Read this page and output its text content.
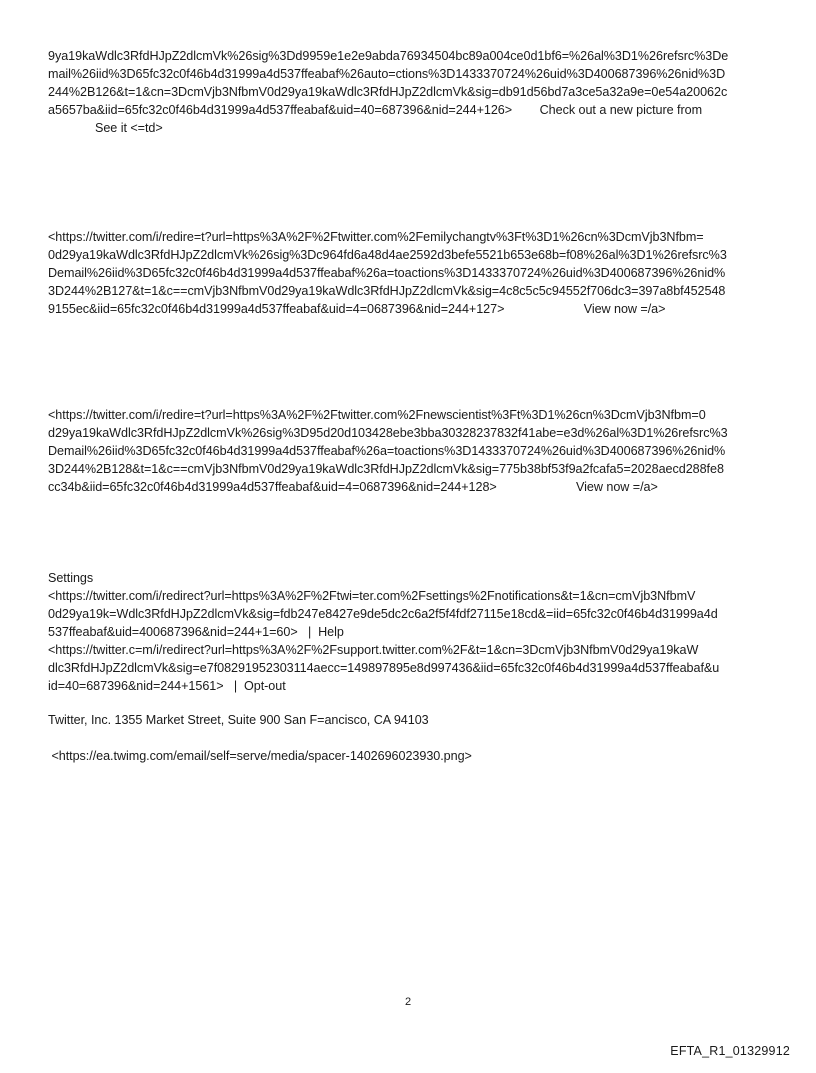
9ya19kaWdlc3RfdHJpZ2dlcmVk%26sig%3Dd9959e1e2e9abda76934504bc89a004ce0d1bf6=%26al%3D1%26refsrc%3De
mail%26iid%3D65fc32c0f46b4d31999a4d537ffeabaf%26auto=ctions%3D1433370724%26uid%3D400687396%26nid%3D
244%2B126&t=1&cn=3DcmVjb3NfbmV0d29ya19kaWdlc3RfdHJpZ2dlcmVk&sig=db91d56bd7a3ce5a32a9e=0e54a20062c
a5657ba&iid=65fc32c0f46b4d31999a4d537ffeabaf&uid=40=687396&nid=244+126>        Check out a new picture from
See it <=td>
<https://twitter.com/i/redire=t?url=https%3A%2F%2Ftwitter.com%2Femilychangtv%3Ft%3D1%26cn%3DcmVjb3Nfbm=
0d29ya19kaWdlc3RfdHJpZ2dlcmVk%26sig%3Dc964fd6a48d4ae2592d3befe5521b653e68b=f08%26al%3D1%26refsrc%3
Demail%26iid%3D65fc32c0f46b4d31999a4d537ffeabaf%26a=toactions%3D1433370724%26uid%3D400687396%26nid%
3D244%2B127&t=1&c==cmVjb3NfbmV0d29ya19kaWdlc3RfdHJpZ2dlcmVk&sig=4c8c5c5c94552f706dc3=397a8bf452548
9155ec&iid=65fc32c0f46b4d31999a4d537ffeabaf&uid=4=0687396&nid=244+127>                       View now =/a>
<https://twitter.com/i/redire=t?url=https%3A%2F%2Ftwitter.com%2Fnewscientist%3Ft%3D1%26cn%3DcmVjb3Nfbm=0
d29ya19kaWdlc3RfdHJpZ2dlcmVk%26sig%3D95d20d103428ebe3bba30328237832f41abe=e3d%26al%3D1%26refsrc%3
Demail%26iid%3D65fc32c0f46b4d31999a4d537ffeabaf%26a=toactions%3D1433370724%26uid%3D400687396%26nid%
3D244%2B128&t=1&c==cmVjb3NfbmV0d29ya19kaWdlc3RfdHJpZ2dlcmVk&sig=775b38bf53f9a2fcafa5=2028aecd288fe8
cc34b&iid=65fc32c0f46b4d31999a4d537ffeabaf&uid=4=0687396&nid=244+128>                       View now =/a>
Settings
<https://twitter.com/i/redirect?url=https%3A%2F%2Ftwi=ter.com%2Fsettings%2Fnotifications&t=1&cn=cmVjb3NfbmV
0d29ya19k=Wdlc3RfdHJpZ2dlcmVk&sig=fdb247e8427e9de5dc2c6a2f5f4fdf27115e18cd&=iid=65fc32c0f46b4d31999a4d
537ffeabaf&uid=400687396&nid=244+1=60>   |  Help
<https://twitter.c=m/i/redirect?url=https%3A%2F%2Fsupport.twitter.com%2F&t=1&cn=3DcmVjb3NfbmV0d29ya19kaW
dlc3RfdHJpZ2dlcmVk&sig=e7f08291952303114aecc=149897895e8d997436&iid=65fc32c0f46b4d31999a4d537ffeabaf&u
id=40=687396&nid=244+1561>   |  Opt-out
Twitter, Inc. 1355 Market Street, Suite 900 San F=ancisco, CA 94103
<https://ea.twimg.com/email/self=serve/media/spacer-1402696023930.png>
2
EFTA_R1_01329912
